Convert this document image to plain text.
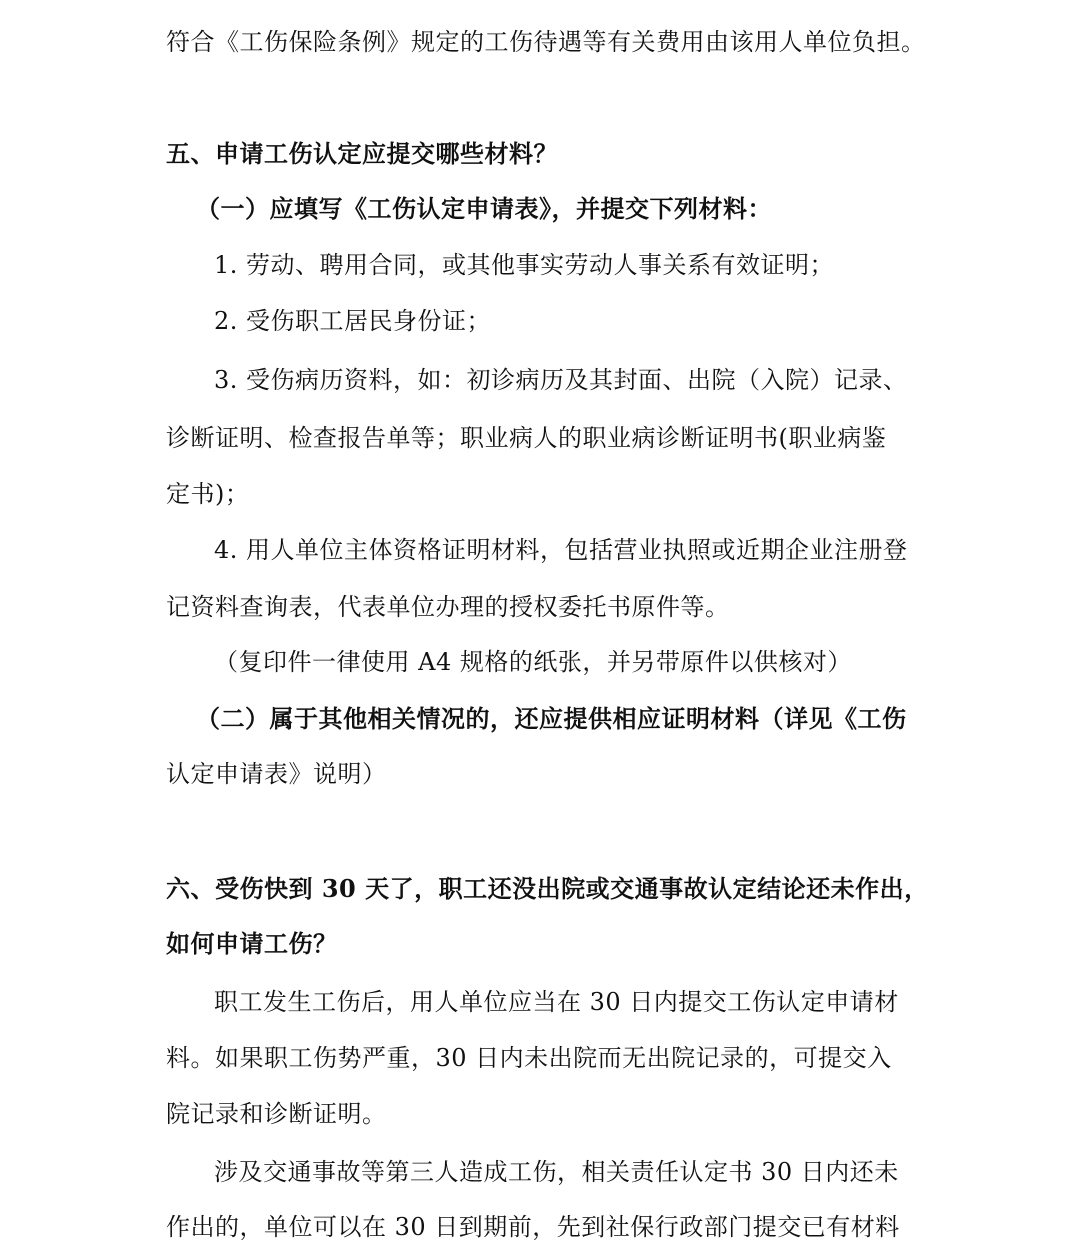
符合《工伤保险条例》规定的工伤待遇等有关费用由该用人单位负担。
五、申请工伤认定应提交哪些材料？
（一）应填写《工伤认定申请表》，并提交下列材料：
1. 劳动、聘用合同，或其他事实劳动人事关系有效证明；
2. 受伤职工居民身份证；
3. 受伤病历资料，如：初诊病历及其封面、出院（入院）记录、
诊断证明、检查报告单等；职业病人的职业病诊断证明书(职业病鉴
定书)；
4. 用人单位主体资格证明材料，包括营业执照或近期企业注册登
记资料查询表，代表单位办理的授权委托书原件等。
（复印件一律使用 A4 规格的纸张，并另带原件以供核对）
（二）属于其他相关情况的，还应提供相应证明材料（详见《工伤
认定申请表》说明）
六、受伤快到 30 天了，职工还没出院或交通事故认定结论还未作出，
如何申请工伤？
职工发生工伤后，用人单位应当在 30 日内提交工伤认定申请材
料。如果职工伤势严重，30 日内未出院而无出院记录的，可提交入
院记录和诊断证明。
涉及交通事故等第三人造成工伤，相关责任认定书 30 日内还未
作出的，单位可以在 30 日到期前，先到社保行政部门提交已有材料
